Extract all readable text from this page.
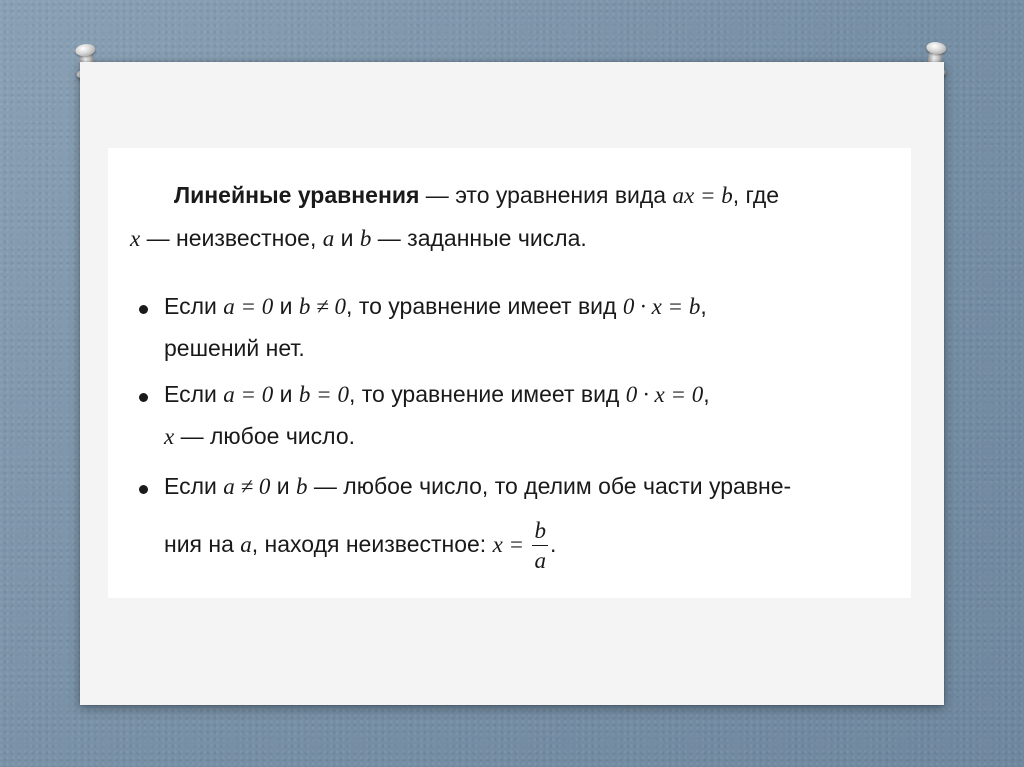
Линейные уравнения — это уравнения вида ax = b, где
x — неизвестное, a и b — заданные числа.
Если a = 0 и b ≠ 0, то уравнение имеет вид 0 · x = b,
решений нет.
Если a = 0 и b = 0, то уравнение имеет вид 0 · x = 0,
x — любое число.
Если a ≠ 0 и b — любое число, то делим обе части уравне-
ния на a, находя неизвестное: $x = \frac{b}{a}$ .
